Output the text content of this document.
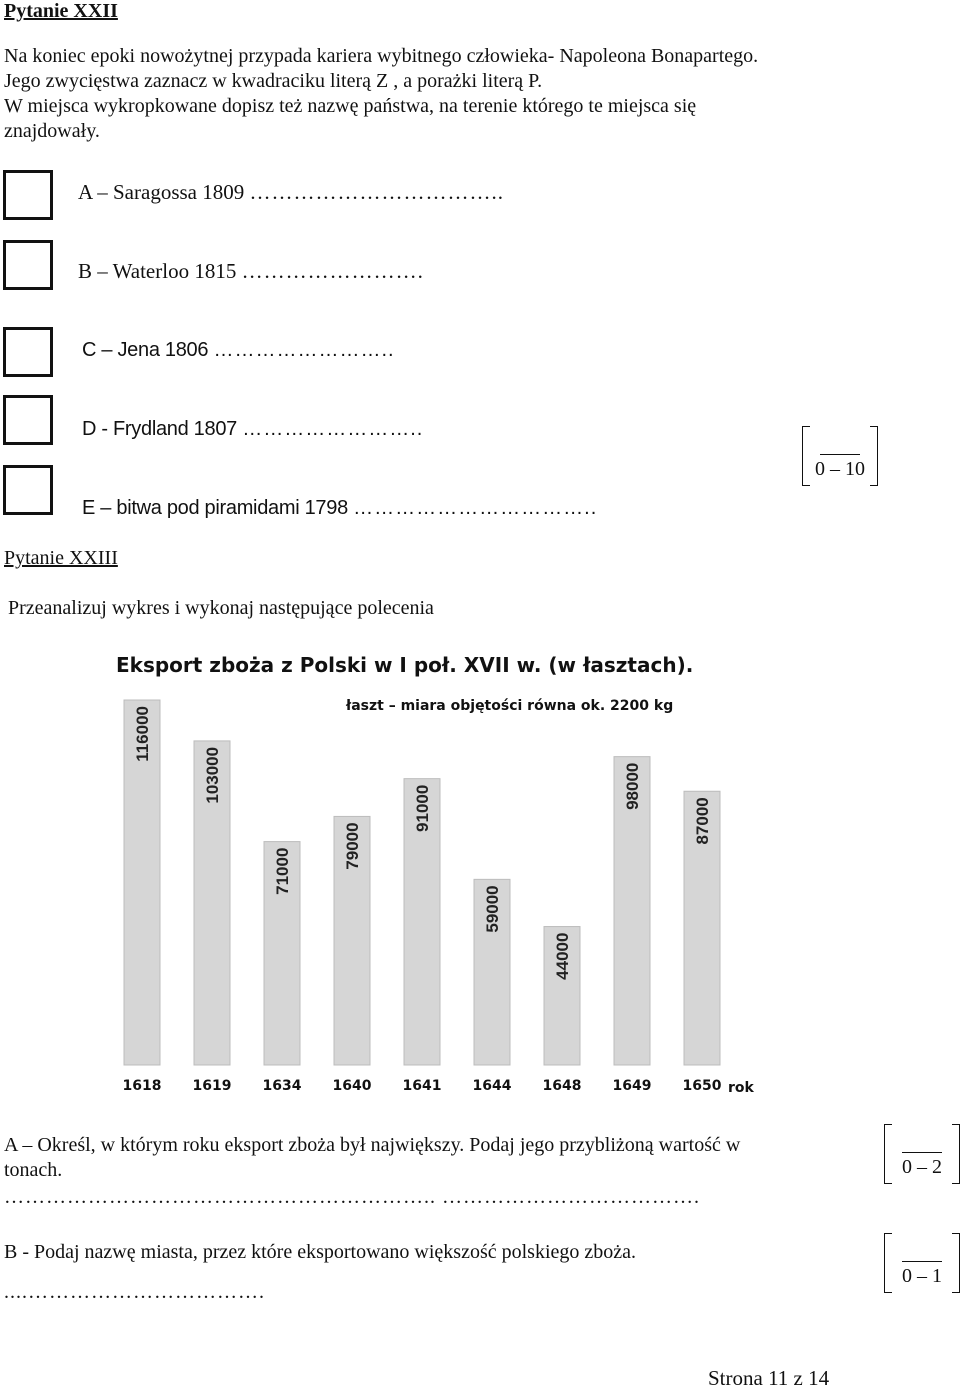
Pytanie XXII
Na koniec epoki nowożytnej przypada kariera wybitnego człowieka- Napoleona Bonapartego.
Jego zwycięstwa zaznacz w kwadraciku literą Z , a porażki literą P.
W miejsca wykropkowane dopisz też nazwę państwa, na terenie którego te miejsca się
znajdowały.
A – Saragossa 1809 ……………………………..
B – Waterloo 1815 …………………….
C – Jena 1806 ……………………..
D - Frydland 1807 ……………………..
E – bitwa pod piramidami 1798 ……………………………..
0 – 10
Pytanie XXIII
Przeanalizuj wykres i wykonaj następujące polecenia
Eksport zboża z Polski w I poł. XVII w. (w łasztach).
łaszt – miara objętości równa ok. 2200 kg
116000
103000
71000
79000
91000
59000
44000
98000
87000
1618 1619 1634 1640 1641 1644 1648 1649 1650 rok
A – Określ, w którym roku eksport zboża był największy. Podaj jego przybliżoną wartość w
tonach.
…………………………………………………….. ……………………………….
0 – 2
B - Podaj nazwę miasta, przez które eksportowano większość polskiego zboża.
....…………………………….
0 – 1
Strona 11 z 14
